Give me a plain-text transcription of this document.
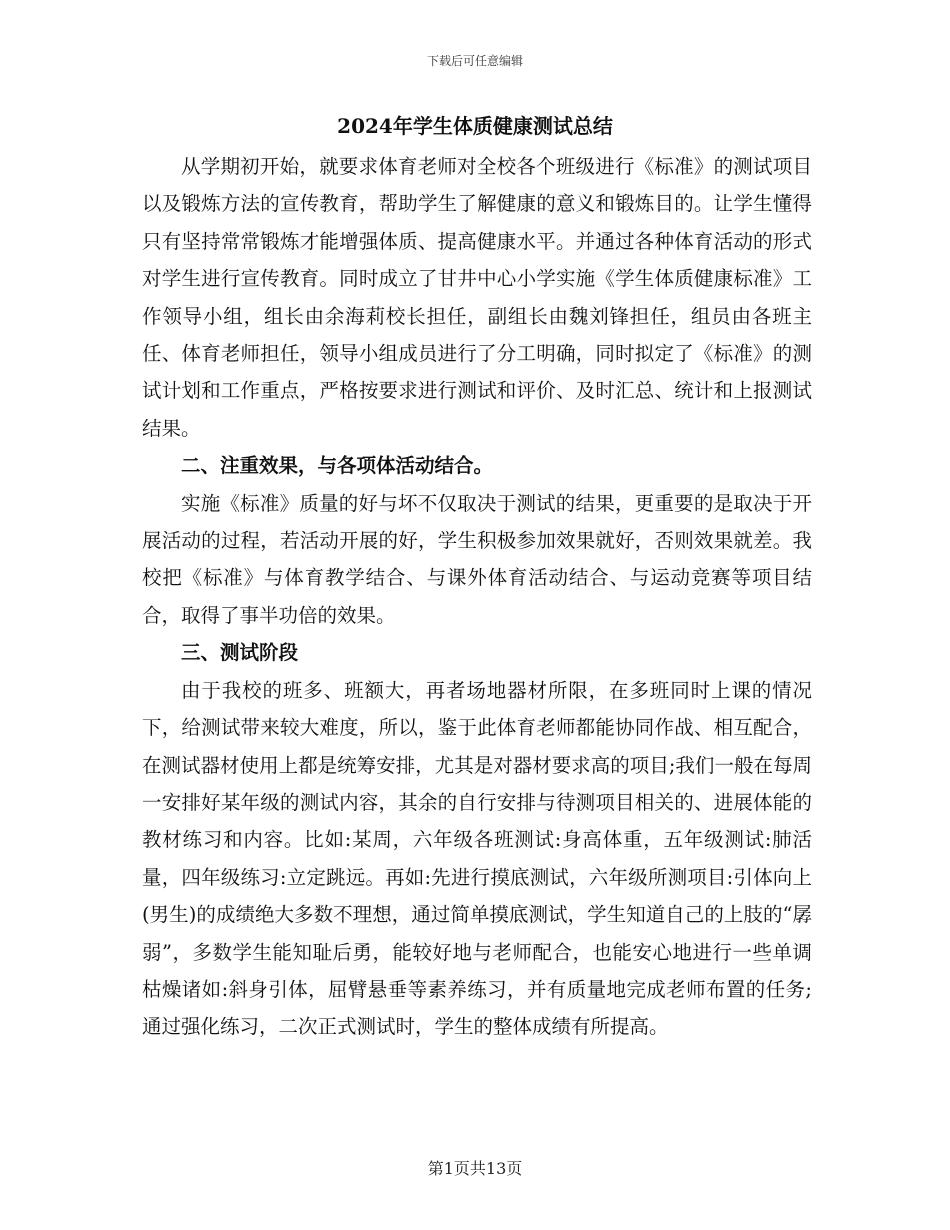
下载后可任意编辑
2024年学生体质健康测试总结

从学期初开始，就要求体育老师对全校各个班级进行《标准》的测试项目以及锻炼方法的宣传教育，帮助学生了解健康的意义和锻炼目的。让学生懂得只有坚持常常锻炼才能增强体质、提高健康水平。并通过各种体育活动的形式对学生进行宣传教育。同时成立了甘井中心小学实施《学生体质健康标准》工作领导小组，组长由余海莉校长担任，副组长由魏刘锋担任，组员由各班主任、体育老师担任，领导小组成员进行了分工明确，同时拟定了《标准》的测试计划和工作重点，严格按要求进行测试和评价、及时汇总、统计和上报测试结果。

二、注重效果，与各项体活动结合。

实施《标准》质量的好与坏不仅取决于测试的结果，更重要的是取决于开展活动的过程，若活动开展的好，学生积极参加效果就好，否则效果就差。我校把《标准》与体育教学结合、与课外体育活动结合、与运动竞赛等项目结合，取得了事半功倍的效果。

三、测试阶段

由于我校的班多、班额大，再者场地器材所限，在多班同时上课的情况下，给测试带来较大难度，所以，鉴于此体育老师都能协同作战、相互配合，在测试器材使用上都是统筹安排，尤其是对器材要求高的项目;我们一般在每周一安排好某年级的测试内容，其余的自行安排与待测项目相关的、进展体能的教材练习和内容。比如:某周，六年级各班测试:身高体重，五年级测试:肺活量，四年级练习:立定跳远。再如:先进行摸底测试，六年级所测项目:引体向上(男生)的成绩绝大多数不理想，通过简单摸底测试，学生知道自己的上肢的“孱弱”，多数学生能知耻后勇，能较好地与老师配合，也能安心地进行一些单调枯燥诸如:斜身引体，屈臂悬垂等素养练习，并有质量地完成老师布置的任务;通过强化练习，二次正式测试时，学生的整体成绩有所提高。

第1页共13页
